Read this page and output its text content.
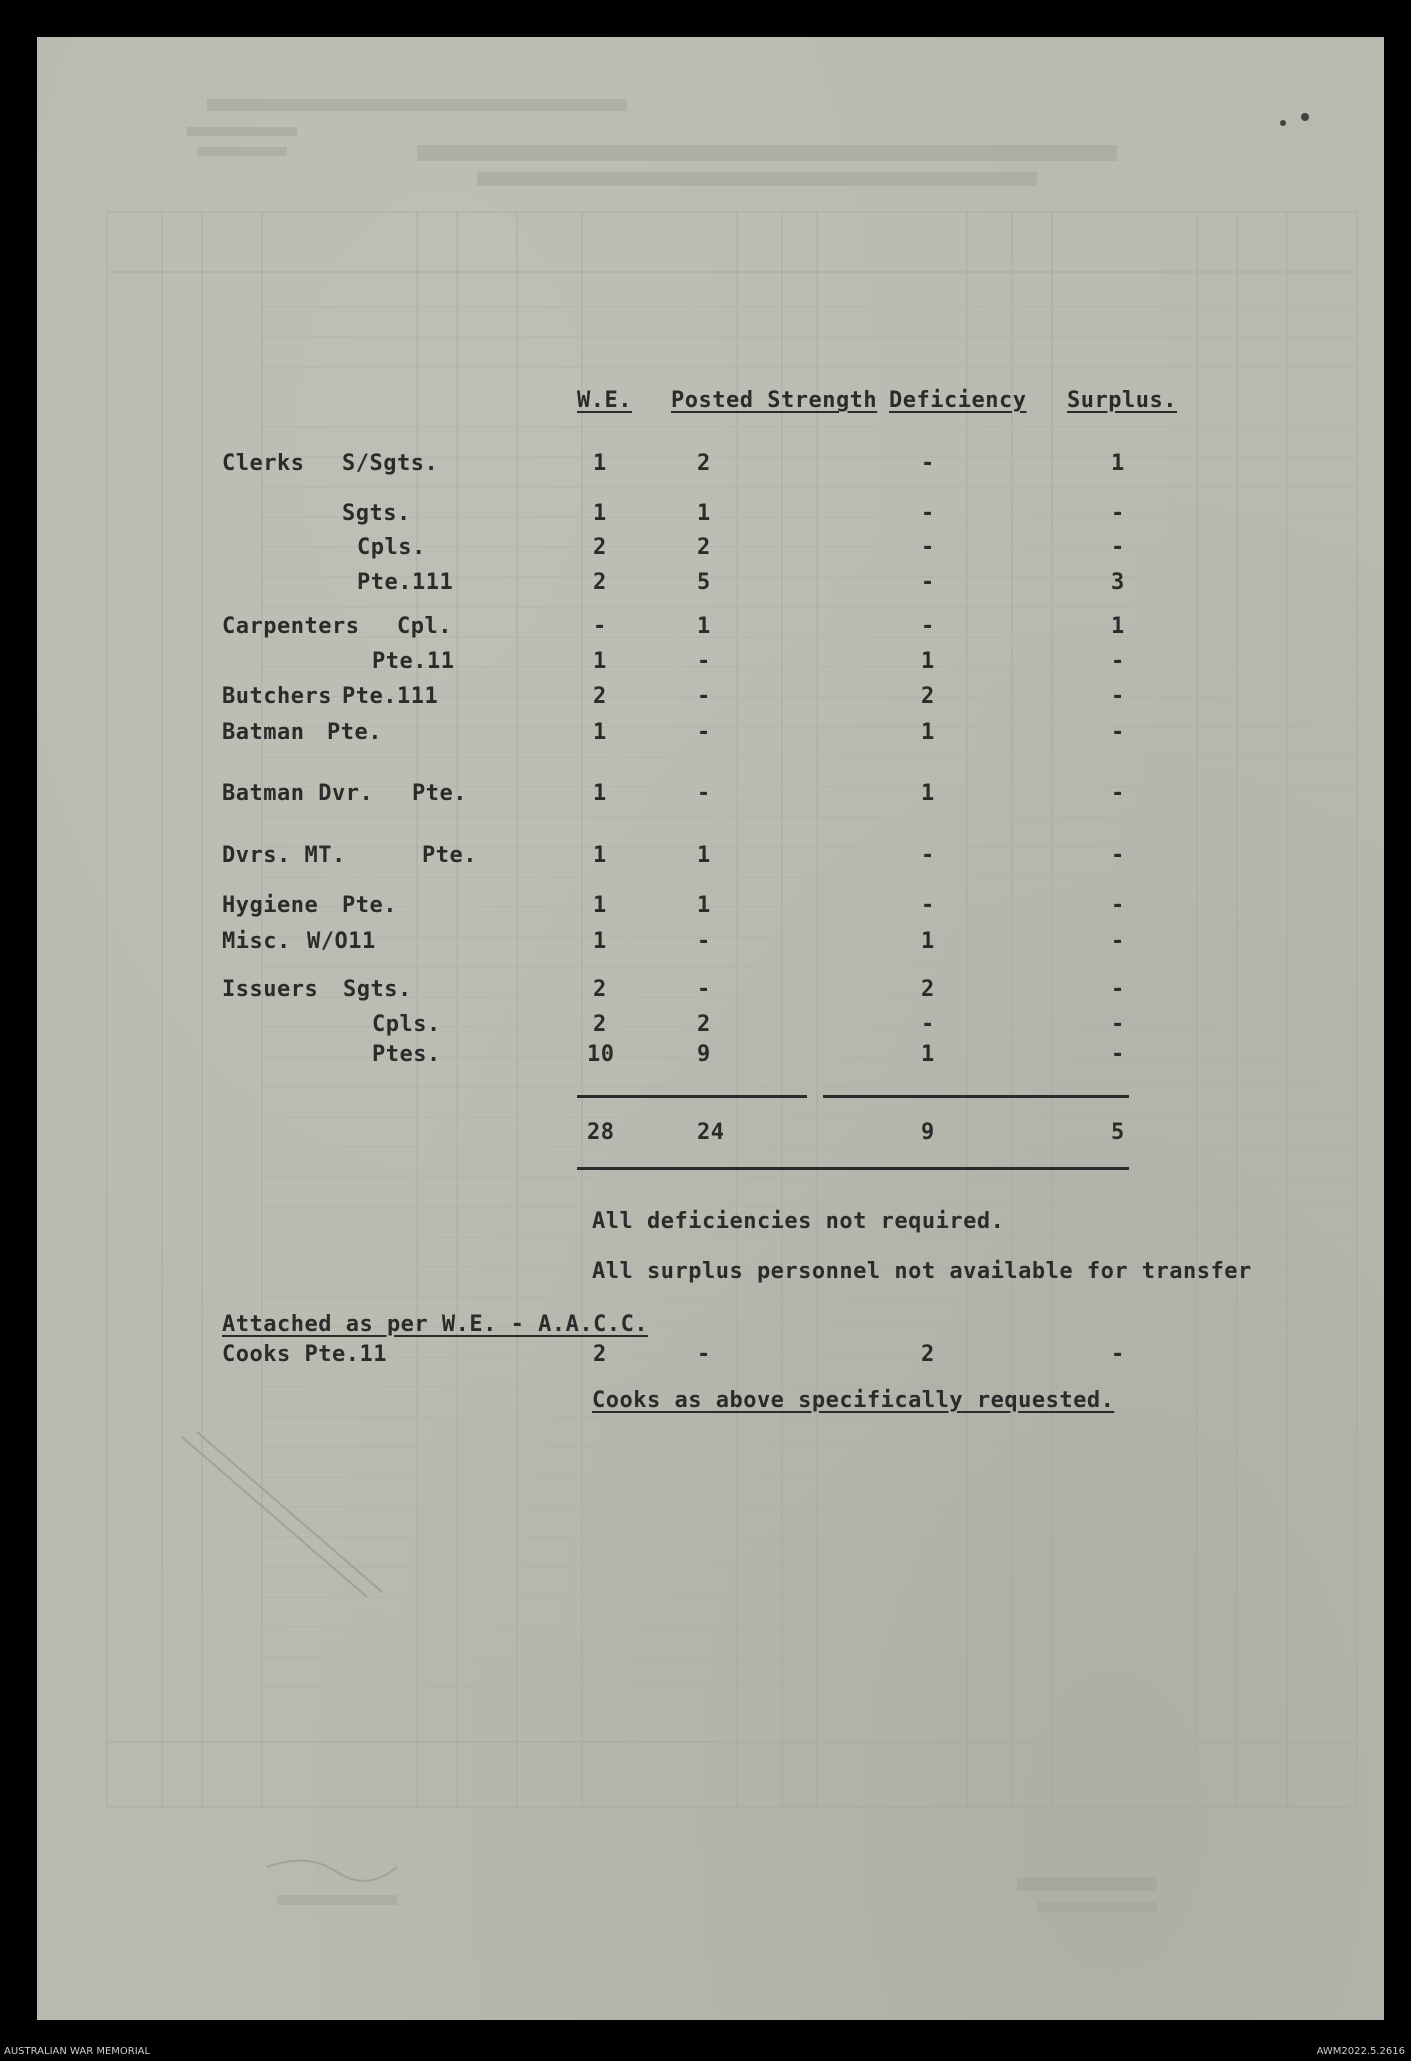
W.E. Posted Strength Deficiency Surplus.
Clerks S/Sgts.	1	2	-	1
Sgts.	1	1	-	-
Cpls.	2	2	-	-
Pte.111	2	5	-	3
Carpenters Cpl.	-	1	-	1
Pte.11	1	-	1	-
Butchers Pte.111	2	-	2	-
Batman Pte.	1	-	1	-
Batman Dvr. Pte.	1	-	1	-
Dvrs. MT.	Pte.	1	1	-	-
Hygiene Pte.	1	1	-	-
Misc. W/O11	1	-	1	-
Issuers Sgts.	2	-	2	-
Cpls.	2	2	-	-
Ptes.	10	9	1	-
28	24	9	5
All deficiencies not required.
All surplus personnel not available for transfer
Attached as per W.E. - A.A.C.C.
Cooks Pte.11	2	-	2	-
Cooks as above specifically requested.
AUSTRALIAN WAR MEMORIAL	AWM2022.5.2616
